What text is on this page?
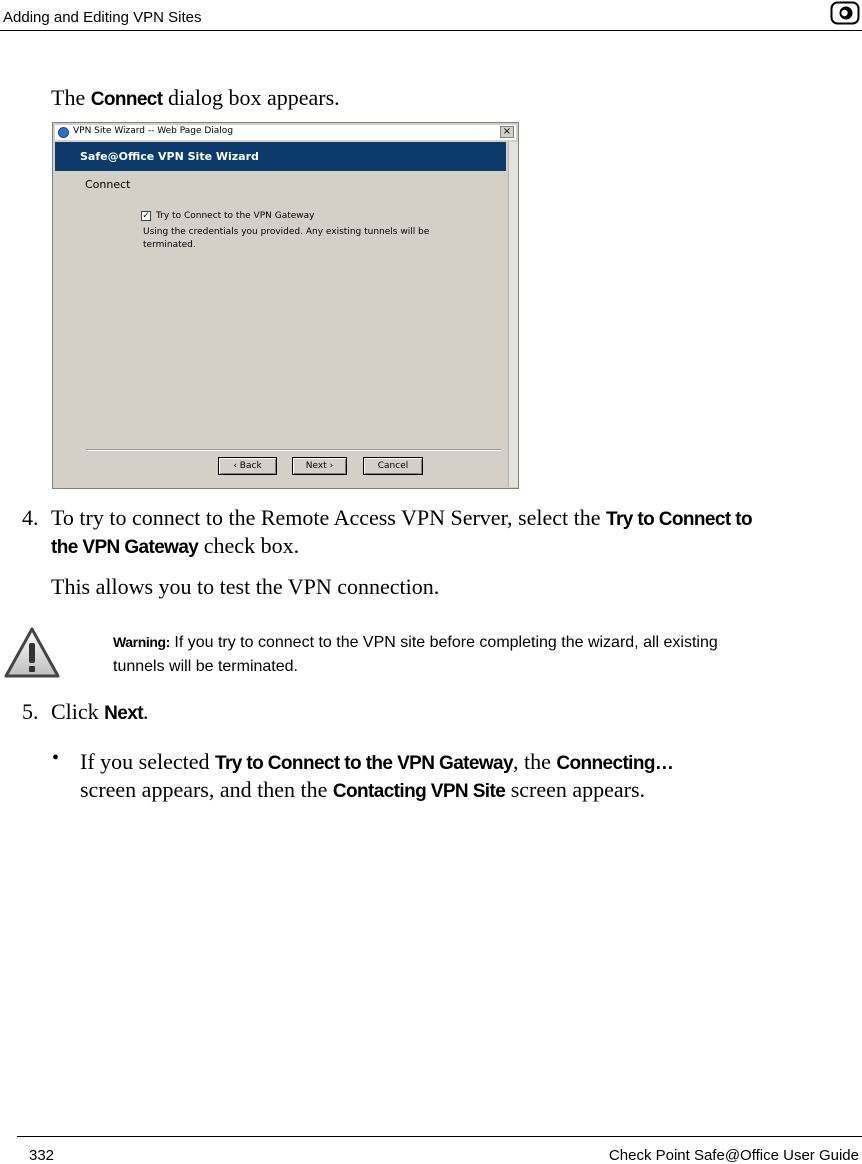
Adding and Editing VPN Sites
The Connect dialog box appears.
VPN Site Wizard -- Web Page Dialog	×
Safe@Office VPN Site Wizard
Connect
✓ Try to Connect to the VPN Gateway
Using the credentials you provided. Any existing tunnels will be terminated.
‹ Back	Next ›	Cancel
4. To try to connect to the Remote Access VPN Server, select the Try to Connect to
the VPN Gateway check box.
This allows you to test the VPN connection.
Warning: If you try to connect to the VPN site before completing the wizard, all existing tunnels will be terminated.
5. Click Next.
• If you selected Try to Connect to the VPN Gateway, the Connecting…
screen appears, and then the Contacting VPN Site screen appears.
332	Check Point Safe@Office User Guide
